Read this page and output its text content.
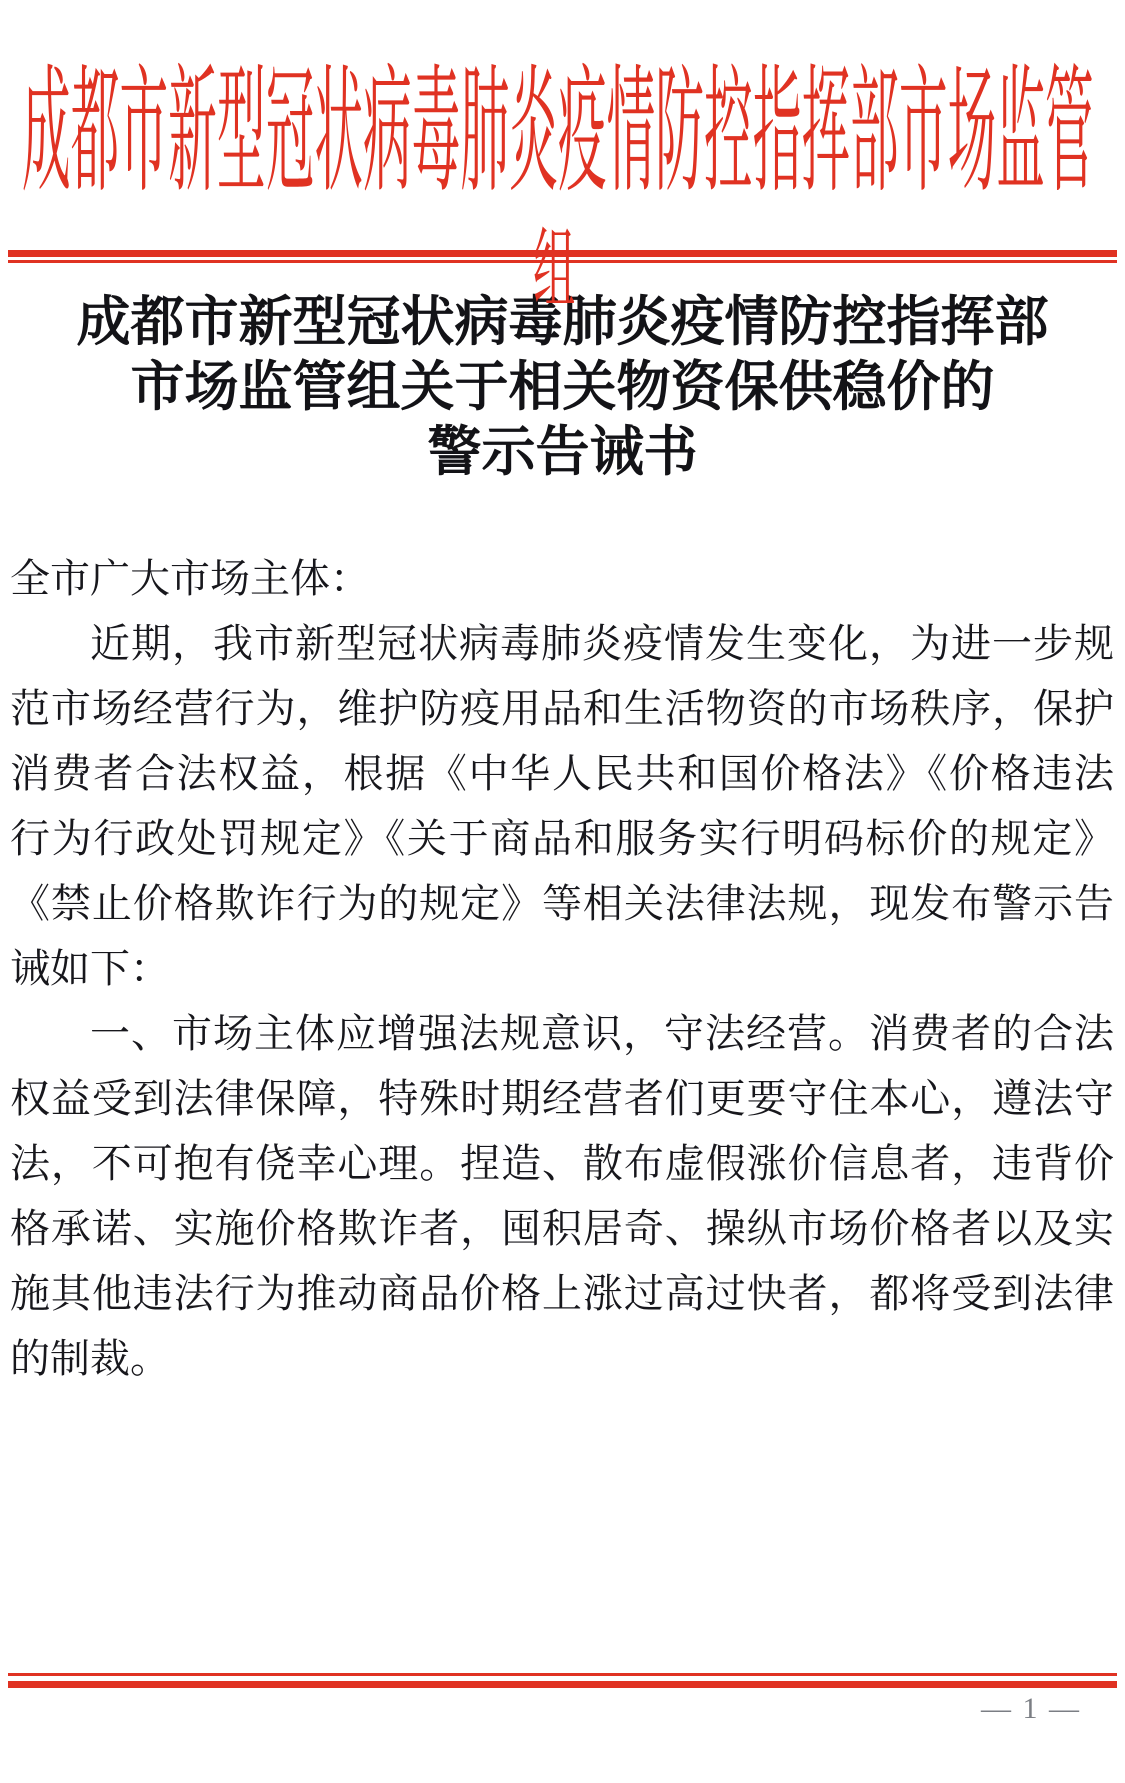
成都市新型冠状病毒肺炎疫情防控指挥部市场监管
组
成都市新型冠状病毒肺炎疫情防控指挥部
市场监管组关于相关物资保供稳价的
警示告诫书
全市广大市场主体：
近期，我市新型冠状病毒肺炎疫情发生变化，为进一步规
范市场经营行为，维护防疫用品和生活物资的市场秩序，保护
消费者合法权益，根据《中华人民共和国价格法》《价格违法
行为行政处罚规定》《关于商品和服务实行明码标价的规定》
《禁止价格欺诈行为的规定》等相关法律法规，现发布警示告
诫如下：
一、市场主体应增强法规意识，守法经营。消费者的合法
权益受到法律保障，特殊时期经营者们更要守住本心，遵法守
法，不可抱有侥幸心理。捏造、散布虚假涨价信息者，违背价
格承诺、实施价格欺诈者，囤积居奇、操纵市场价格者以及实
施其他违法行为推动商品价格上涨过高过快者，都将受到法律
的制裁。
— 1 —
